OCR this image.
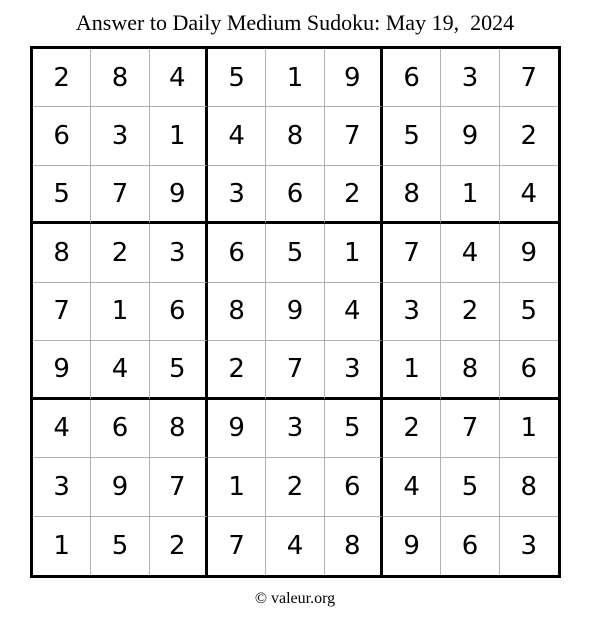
Answer to Daily Medium Sudoku: May 19,  2024
2	8	4	5	1	9	6	3	7
6	3	1	4	8	7	5	9	2
5	7	9	3	6	2	8	1	4
8	2	3	6	5	1	7	4	9
7	1	6	8	9	4	3	2	5
9	4	5	2	7	3	1	8	6
4	6	8	9	3	5	2	7	1
3	9	7	1	2	6	4	5	8
1	5	2	7	4	8	9	6	3
© valeur.org
